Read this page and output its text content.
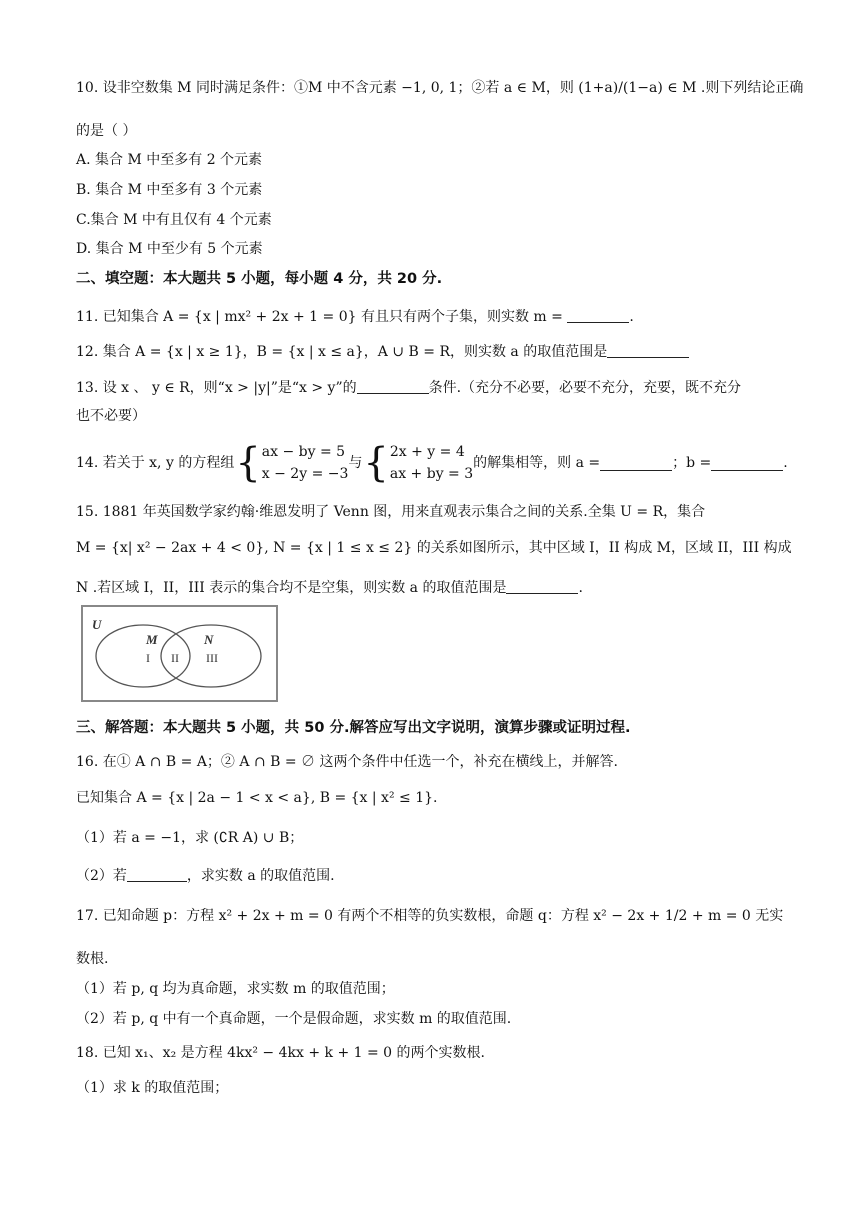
10. 设非空数集 M 同时满足条件：①M 中不含元素 −1, 0, 1；②若 a ∈ M，则 (1+a)/(1−a) ∈ M .则下列结论正确
的是（ ）
A. 集合 M 中至多有 2 个元素
B. 集合 M 中至多有 3 个元素
C.集合 M 中有且仅有 4 个元素
D. 集合 M 中至少有 5 个元素
二、填空题：本大题共 5 小题，每小题 4 分，共 20 分.
11. 已知集合 A = {x | mx² + 2x + 1 = 0} 有且只有两个子集，则实数 m =	.
12. 集合 A = {x | x ≥ 1}，B = {x | x ≤ a}，A ∪ B = R，则实数 a 的取值范围是
13. 设 x 、 y ∈ R，则“x > |y|”是“x > y”的	条件.（充分不必要，必要不充分，充要，既不充分
也不必要）
14. 若关于 x, y 的方程组 { ax − by = 5
x − 2y = −3
与 { 2x + y = 4
ax + by = 3
的解集相等，则 a =	；b =	.
15. 1881 年英国数学家约翰·维恩发明了 Venn 图，用来直观表示集合之间的关系.全集 U = R，集合
M = {x| x² − 2ax + 4 < 0}, N = {x | 1 ≤ x ≤ 2} 的关系如图所示，其中区域 I，II 构成 M，区域 II，III 构成
N .若区域 I，II，III 表示的集合均不是空集，则实数 a 的取值范围是	.
U
M	N
I II III
三、解答题：本大题共 5 小题，共 50 分.解答应写出文字说明，演算步骤或证明过程.
16. 在① A ∩ B = A；② A ∩ B = ∅ 这两个条件中任选一个，补充在横线上，并解答.
已知集合 A = {x | 2a − 1 < x < a}, B = {x | x² ≤ 1}.
（1）若 a = −1，求 (∁R A) ∪ B；
（2）若	，求实数 a 的取值范围.
17. 已知命题 p：方程 x² + 2x + m = 0 有两个不相等的负实数根，命题 q：方程 x² − 2x + 1/2 + m = 0 无实
数根.
（1）若 p, q 均为真命题，求实数 m 的取值范围；
（2）若 p, q 中有一个真命题，一个是假命题，求实数 m 的取值范围.
18. 已知 x₁、x₂ 是方程 4kx² − 4kx + k + 1 = 0 的两个实数根.
（1）求 k 的取值范围；
